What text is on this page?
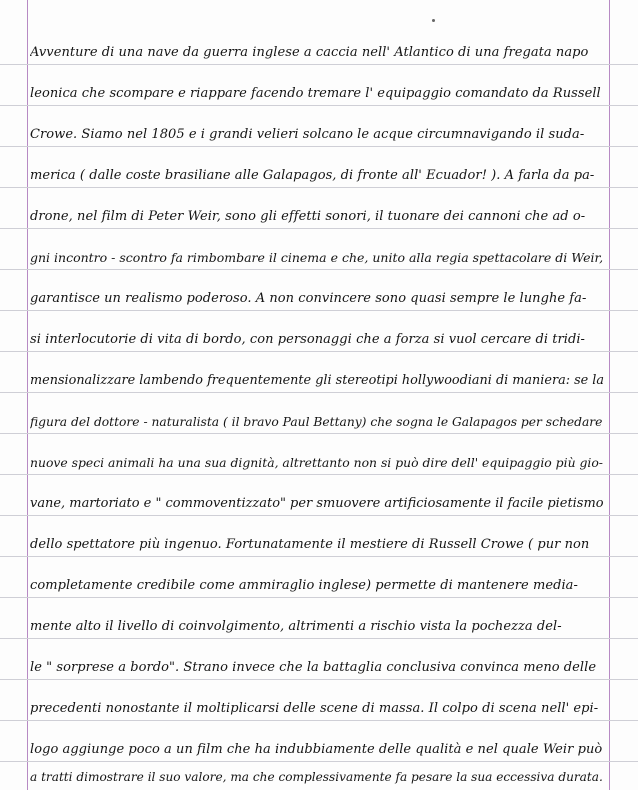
Avventure di una nave da guerra inglese a caccia nell' Atlantico di una fregata napo
leonica che scompare e riappare facendo tremare l' equipaggio comandato da Russell
Crowe. Siamo nel 1805 e i grandi velieri solcano le acque circumnavigando il suda-
merica ( dalle coste brasiliane alle Galapagos, di fronte all' Ecuador! ). A farla da pa-
drone, nel film di Peter Weir, sono gli effetti sonori, il tuonare dei cannoni che ad o-
gni incontro - scontro fa rimbombare il cinema e che, unito alla regia spettacolare di Weir,
garantisce un realismo poderoso. A non convincere sono quasi sempre le lunghe fa-
si interlocutorie di vita di bordo, con personaggi che a forza si vuol cercare di tridi-
mensionalizzare lambendo frequentemente gli stereotipi hollywoodiani di maniera: se la
figura del dottore - naturalista ( il bravo Paul Bettany) che sogna le Galapagos per schedare
nuove speci animali ha una sua dignità, altrettanto non si può dire dell' equipaggio più gio-
vane, martoriato e " commoventizzato" per smuovere artificiosamente il facile pietismo
dello spettatore più ingenuo. Fortunatamente il mestiere di Russell Crowe ( pur non
completamente credibile come ammiraglio inglese) permette di mantenere media-
mente alto il livello di coinvolgimento, altrimenti a rischio vista la pochezza del-
le " sorprese a bordo". Strano invece che la battaglia conclusiva convinca meno delle
precedenti nonostante il moltiplicarsi delle scene di massa. Il colpo di scena nell' epi-
logo aggiunge poco a un film che ha indubbiamente delle qualità e nel quale Weir può
a tratti dimostrare il suo valore, ma che complessivamente fa pesare la sua eccessiva durata.
